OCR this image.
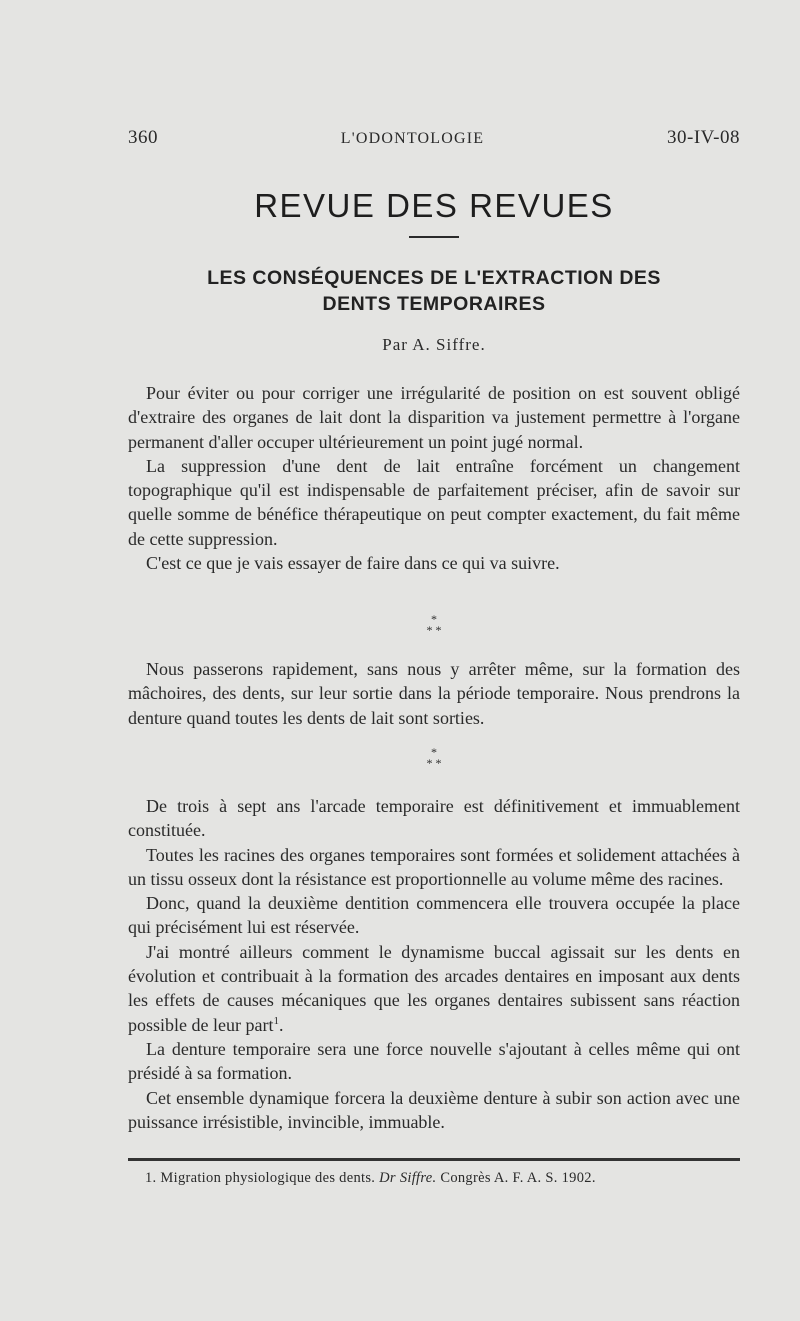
360	L'ODONTOLOGIE	30-IV-08
REVUE DES REVUES
LES CONSÉQUENCES DE L'EXTRACTION DES
DENTS TEMPORAIRES
Par A. Siffre.

Pour éviter ou pour corriger une irrégularité de position on est souvent obligé d'extraire des organes de lait dont la disparition va justement permettre à l'organe permanent d'aller occuper ultérieurement un point jugé normal.

La suppression d'une dent de lait entraîne forcément un changement topographique qu'il est indispensable de parfaitement préciser, afin de savoir sur quelle somme de bénéfice thérapeutique on peut compter exactement, du fait même de cette suppression.

C'est ce que je vais essayer de faire dans ce qui va suivre.

*
* *

Nous passerons rapidement, sans nous y arrêter même, sur la formation des mâchoires, des dents, sur leur sortie dans la période temporaire. Nous prendrons la denture quand toutes les dents de lait sont sorties.

*
* *

De trois à sept ans l'arcade temporaire est définitivement et immuablement constituée.

Toutes les racines des organes temporaires sont formées et solidement attachées à un tissu osseux dont la résistance est proportionnelle au volume même des racines.

Donc, quand la deuxième dentition commencera elle trouvera occupée la place qui précisément lui est réservée.

J'ai montré ailleurs comment le dynamisme buccal agissait sur les dents en évolution et contribuait à la formation des arcades dentaires en imposant aux dents les effets de causes mécaniques que les organes dentaires subissent sans réaction possible de leur part$^1$.

La denture temporaire sera une force nouvelle s'ajoutant à celles même qui ont présidé à sa formation.

Cet ensemble dynamique forcera la deuxième denture à subir son action avec une puissance irrésistible, invincible, immuable.

1. Migration physiologique des dents. Dr Siffre. Congrès A. F. A. S. 1902.
